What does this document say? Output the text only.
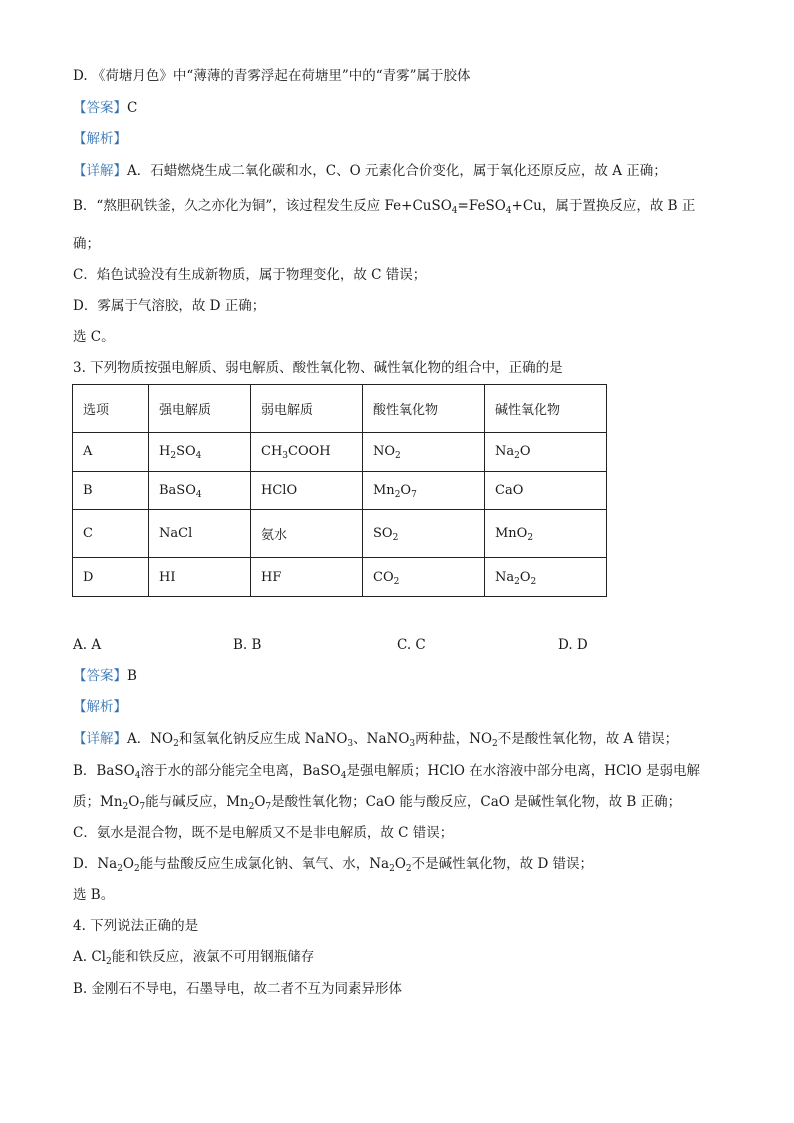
D. 《荷塘月色》中“薄薄的青雾浮起在荷塘里”中的“青雾”属于胶体
【答案】C
【解析】
【详解】A．石蜡燃烧生成二氧化碳和水，C、O 元素化合价变化，属于氧化还原反应，故 A 正确；
B．“熬胆矾铁釜，久之亦化为铜”，该过程发生反应 Fe+CuSO$_4$=FeSO$_4$+Cu，属于置换反应，故 B 正
确；
C．焰色试验没有生成新物质，属于物理变化，故 C 错误；
D．雾属于气溶胶，故 D 正确；
选 C。
3. 下列物质按强电解质、弱电解质、酸性氧化物、碱性氧化物的组合中，正确的是
选项	强电解质	弱电解质	酸性氧化物	碱性氧化物
A	$H_2SO_4$	$CH_3COOH$	$NO_2$	$Na_2O$
B	BaSO$_4$	HClO	$Mn_2O_7$	CaO
C	NaCl	氨水	$SO_2$	MnO$_2$
D	HI	HF	$CO_2$	$Na_2O_2$
A. A	B. B	C. C	D. D
【答案】B
【解析】
【详解】A．$NO_2$和氢氧化钠反应生成 NaNO$_3$、NaNO$_3$两种盐，$NO_2$不是酸性氧化物，故 A 错误；
B．BaSO$_4$溶于水的部分能完全电离，BaSO$_4$是强电解质；HClO 在水溶液中部分电离，HClO 是弱电解
质；$Mn_2O_7$能与碱反应，$Mn_2O_7$是酸性氧化物；CaO 能与酸反应，CaO 是碱性氧化物，故 B 正确；
C．氨水是混合物，既不是电解质又不是非电解质，故 C 错误；
D．$Na_2O_2$能与盐酸反应生成氯化钠、氧气、水，$Na_2O_2$不是碱性氧化物，故 D 错误；
选 B。
4. 下列说法正确的是
A. $Cl_2$能和铁反应，液氯不可用钢瓶储存
B. 金刚石不导电，石墨导电，故二者不互为同素异形体
